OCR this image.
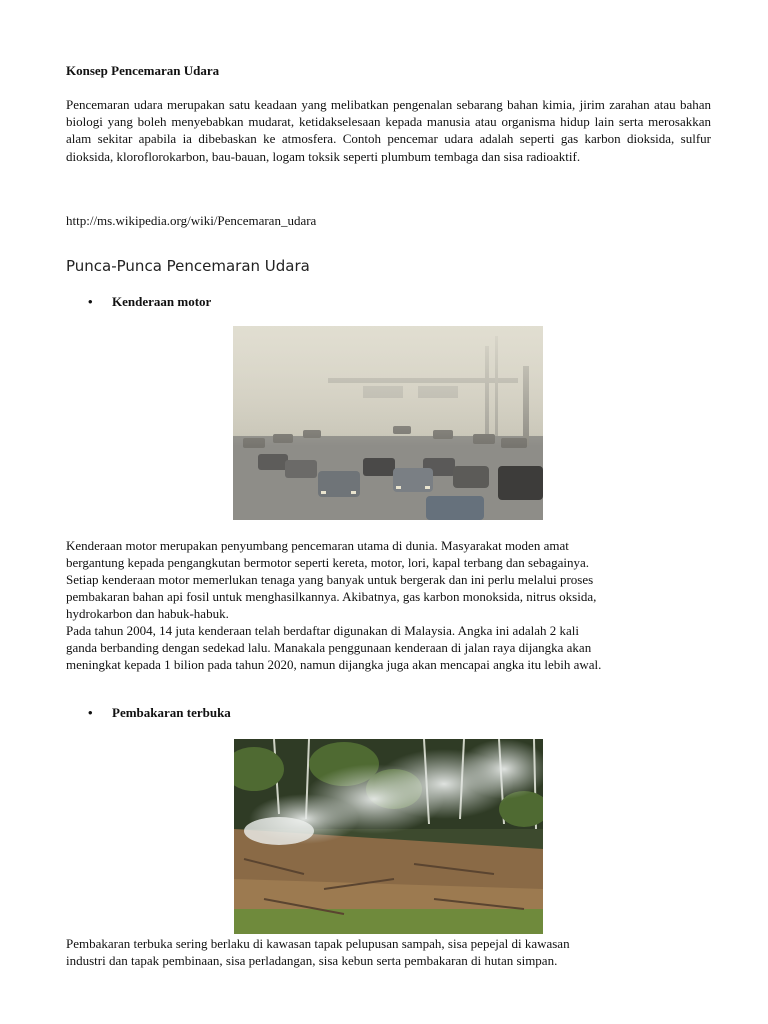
Konsep Pencemaran Udara

Pencemaran udara merupakan satu keadaan yang melibatkan pengenalan sebarang bahan kimia, jirim zarahan atau bahan biologi yang boleh menyebabkan mudarat, ketidakselesaan kepada manusia atau organisma hidup lain serta merosakkan alam sekitar apabila ia dibebaskan ke atmosfera. Contoh pencemar udara adalah seperti gas karbon dioksida, sulfur dioksida, kloroflorokarbon, bau-bauan, logam toksik seperti plumbum tembaga dan sisa radioaktif.

http://ms.wikipedia.org/wiki/Pencemaran_udara
Punca-Punca Pencemaran Udara
•	Kenderaan motor
Kenderaan motor merupakan penyumbang pencemaran utama di dunia. Masyarakat moden amat
bergantung kepada pengangkutan bermotor seperti kereta, motor, lori, kapal terbang dan sebagainya.
Setiap kenderaan motor memerlukan tenaga yang banyak untuk bergerak dan ini perlu melalui proses
pembakaran bahan api fosil untuk menghasilkannya. Akibatnya, gas karbon monoksida, nitrus oksida,
hydrokarbon dan habuk-habuk.
Pada tahun 2004, 14 juta kenderaan telah berdaftar digunakan di Malaysia. Angka ini adalah 2 kali
ganda berbanding dengan sedekad lalu. Manakala penggunaan kenderaan di jalan raya dijangka akan
meningkat kepada 1 bilion pada tahun 2020, namun dijangka juga akan mencapai angka itu lebih awal.
•	Pembakaran terbuka
Pembakaran terbuka sering berlaku di kawasan tapak pelupusan sampah, sisa pepejal di kawasan
industri dan tapak pembinaan, sisa perladangan, sisa kebun serta pembakaran di hutan simpan.
